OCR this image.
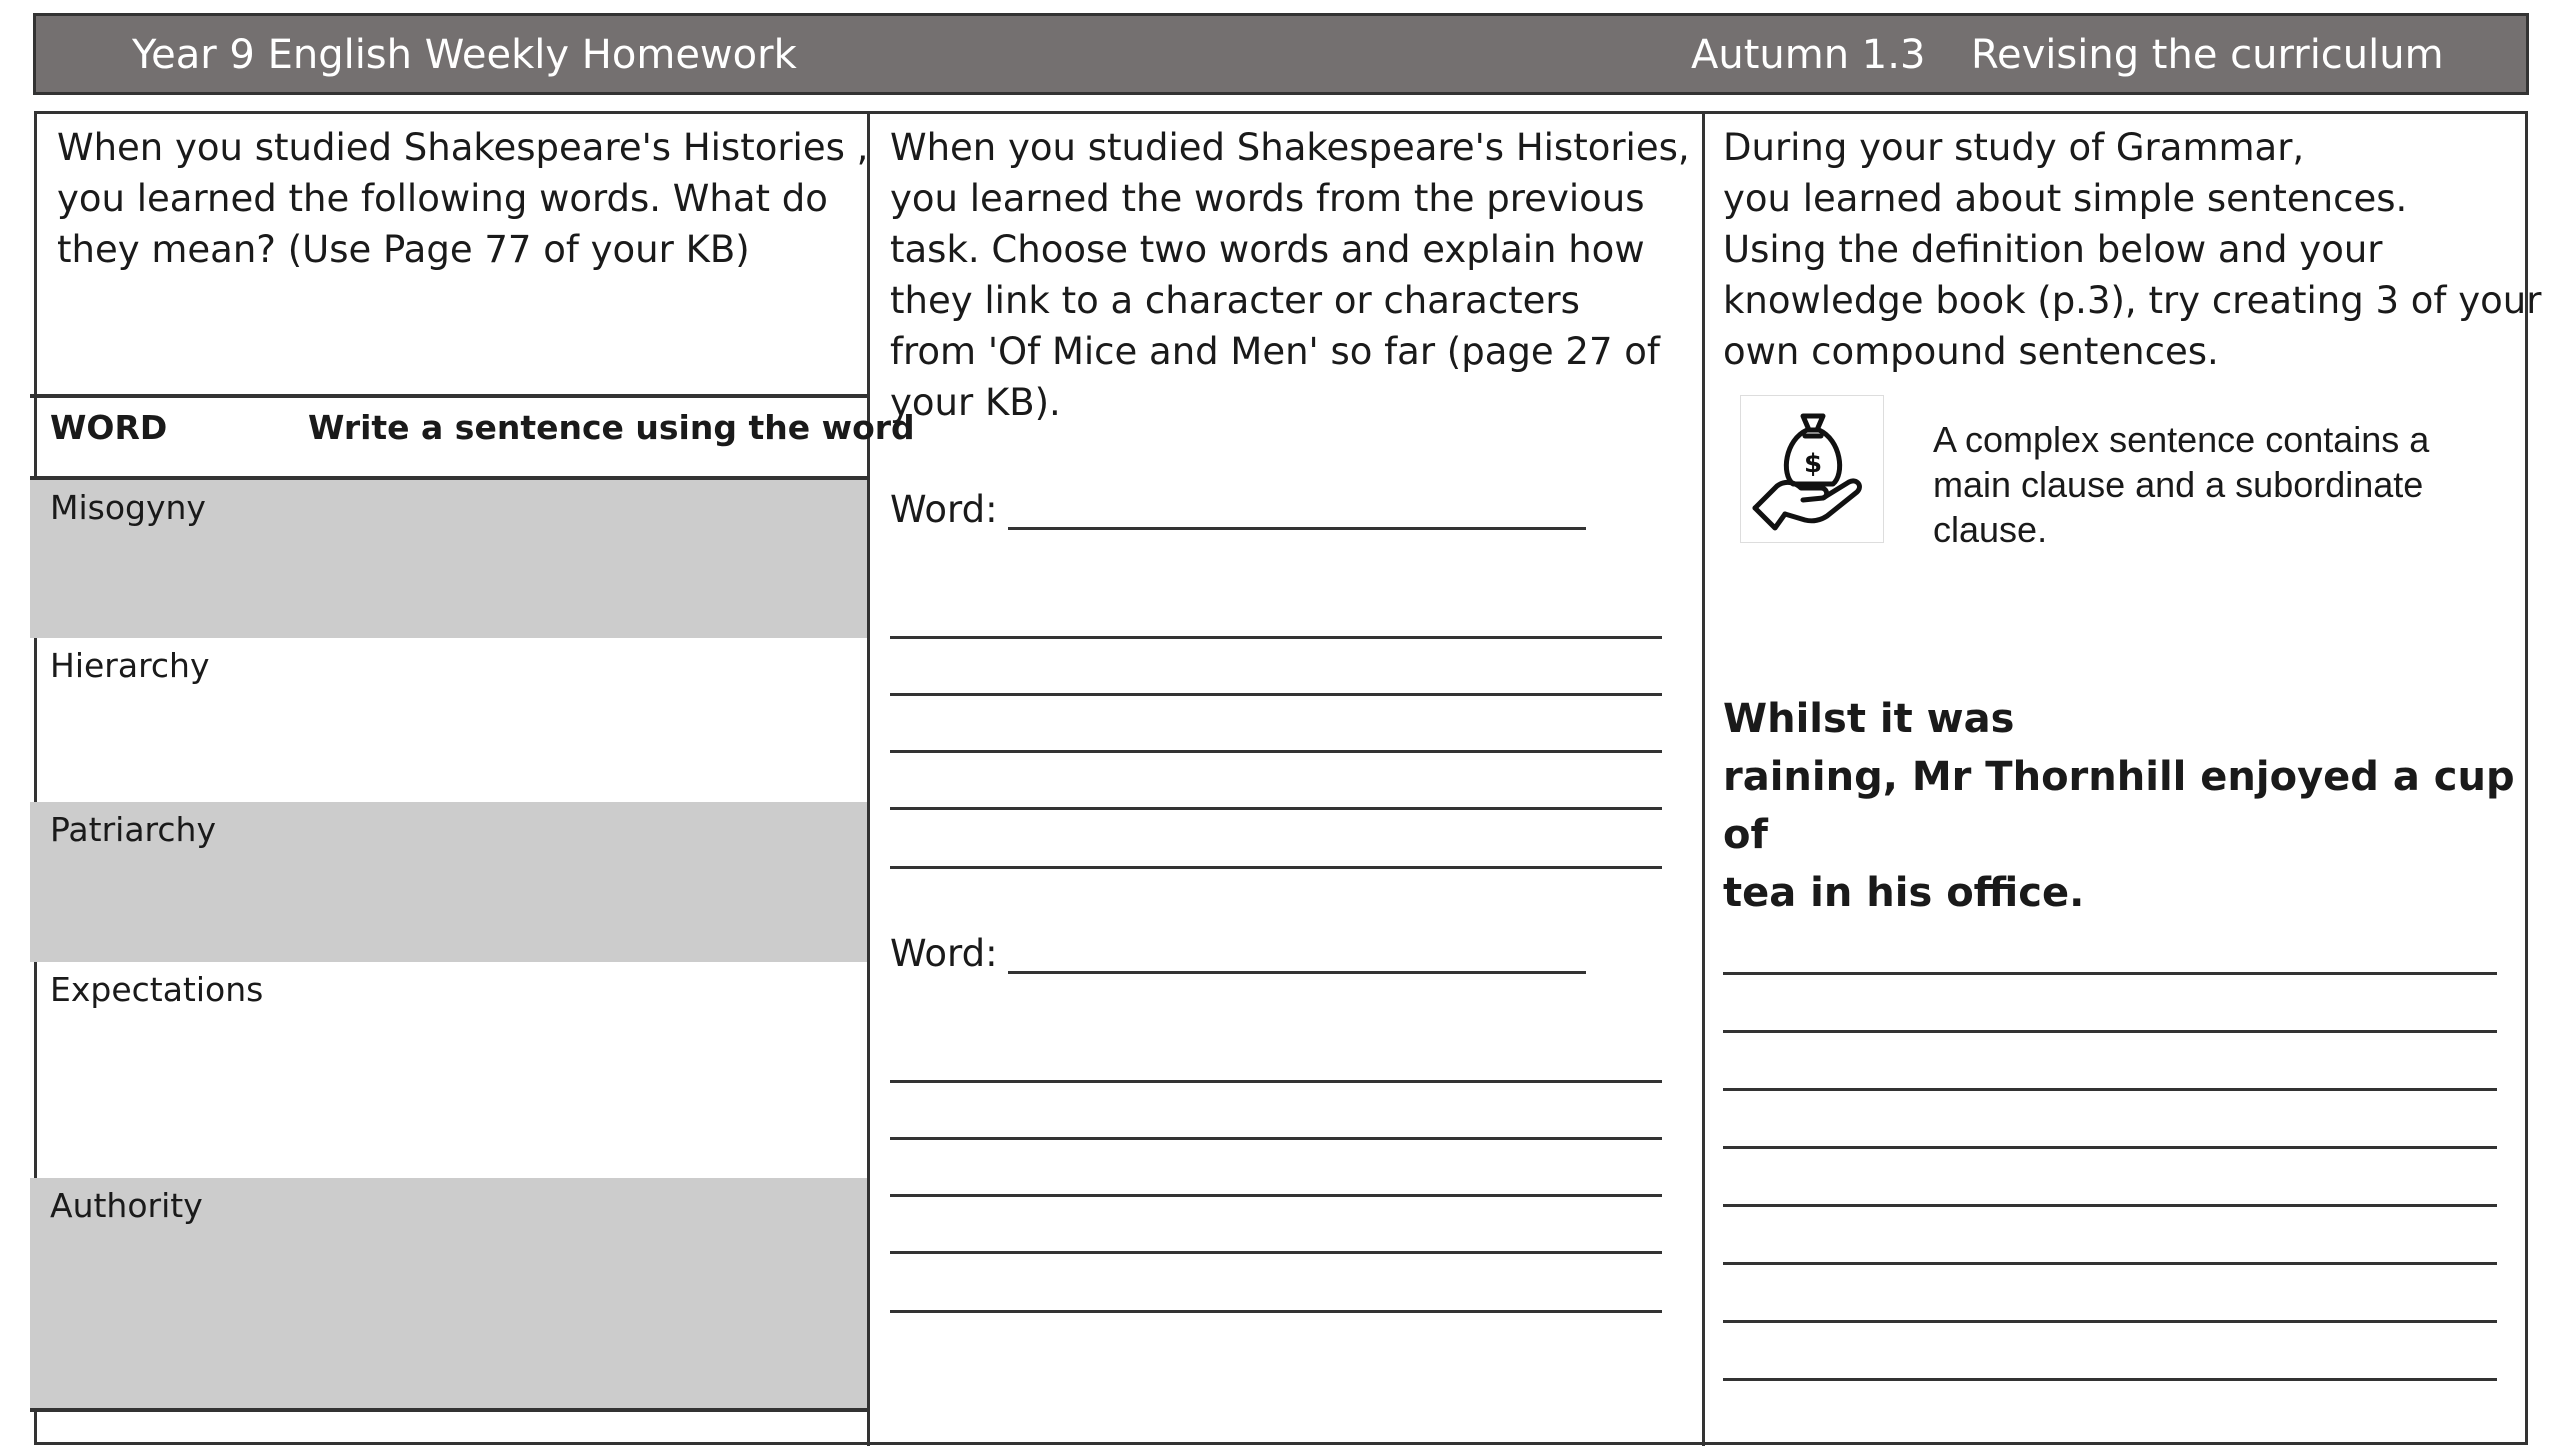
Year 9 English Weekly Homework	Autumn 1.3 Revising the curriculum
When you studied Shakespeare's Histories ,
you learned the following words. What do
they mean? (Use Page 77 of your KB)
WORD	Write a sentence using the word
Misogyny
Hierarchy
Patriarchy
Expectations
Authority
When you studied Shakespeare's Histories,
you learned the words from the previous
task. Choose two words and explain how
they link to a character or characters
from 'Of Mice and Men' so far (page 27 of
your KB).
Word:
Word:
During your study of Grammar,
you learned about simple sentences.
Using the definition below and your
knowledge book (p.3), try creating 3 of your
own compound sentences.
$
A complex sentence contains a
main clause and a subordinate
clause.
Whilst it was
raining, Mr Thornhill enjoyed a cup of
tea in his office.
